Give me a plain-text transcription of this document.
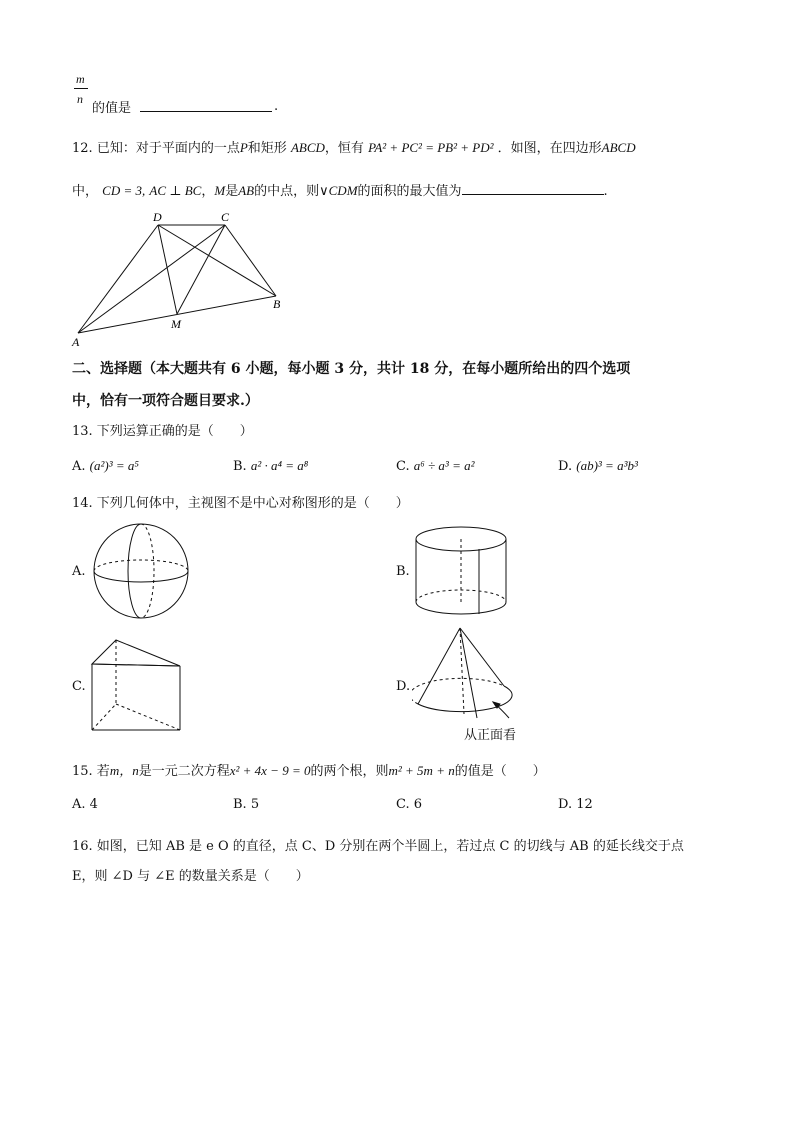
m
n
的值是	.
12. 已知：对于平面内的一点P和矩形 ABCD，恒有 PA² + PC² = PB² + PD² ．如图，在四边形ABCD
中， CD = 3, AC ⊥ BC，M是AB的中点，则∨CDM的面积的最大值为	.
D	C
B
M
A
二、选择题（本大题共有 6 小题，每小题 3 分，共计 18 分，在每小题所给出的四个选项
中，恰有一项符合题目要求.）
13. 下列运算正确的是（　　）
A. (a²)³ = a⁵	B. a² · a⁴ = a⁸	C. a⁶ ÷ a³ = a²	D. (ab)³ = a³b³
14. 下列几何体中，主视图不是中心对称图形的是（　　）
A.	B.
C.	D.
从正面看
15. 若m，n是一元二次方程x² + 4x − 9 = 0的两个根，则m² + 5m + n的值是（　　）
A. 4	B. 5	C. 6	D. 12
16. 如图，已知 AB 是 e O 的直径，点 C、D 分别在两个半圆上，若过点 C 的切线与 AB 的延长线交于点
E，则 ∠D 与 ∠E 的数量关系是（　　）
